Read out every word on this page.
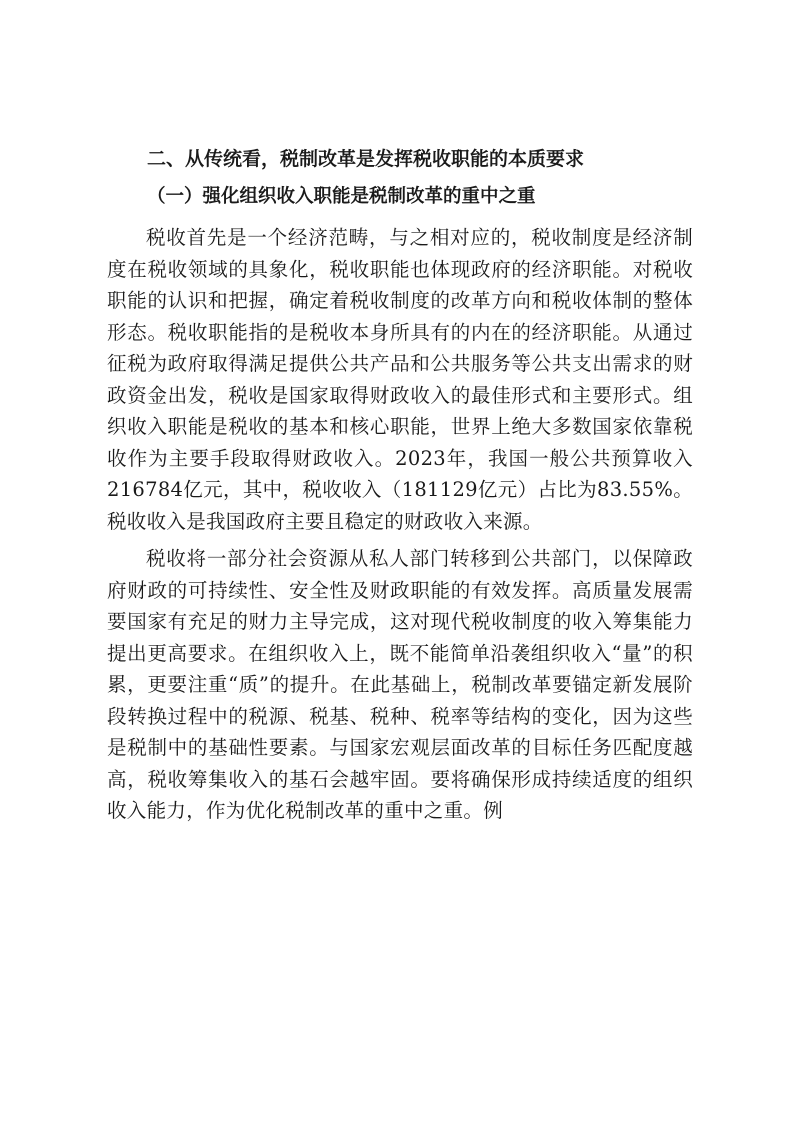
二、从传统看，税制改革是发挥税收职能的本质要求
（一）强化组织收入职能是税制改革的重中之重

税收首先是一个经济范畴，与之相对应的，税收制度是经济制度在税收领域的具象化，税收职能也体现政府的经济职能。对税收职能的认识和把握，确定着税收制度的改革方向和税收体制的整体形态。税收职能指的是税收本身所具有的内在的经济职能。从通过征税为政府取得满足提供公共产品和公共服务等公共支出需求的财政资金出发，税收是国家取得财政收入的最佳形式和主要形式。组织收入职能是税收的基本和核心职能，世界上绝大多数国家依靠税收作为主要手段取得财政收入。2023年，我国一般公共预算收入216784亿元，其中，税收收入（181129亿元）占比为83.55%。税收收入是我国政府主要且稳定的财政收入来源。

税收将一部分社会资源从私人部门转移到公共部门，以保障政府财政的可持续性、安全性及财政职能的有效发挥。高质量发展需要国家有充足的财力主导完成，这对现代税收制度的收入筹集能力提出更高要求。在组织收入上，既不能简单沿袭组织收入“量”的积累，更要注重“质”的提升。在此基础上，税制改革要锚定新发展阶段转换过程中的税源、税基、税种、税率等结构的变化，因为这些是税制中的基础性要素。与国家宏观层面改革的目标任务匹配度越高，税收筹集收入的基石会越牢固。要将确保形成持续适度的组织收入能力，作为优化税制改革的重中之重。例
